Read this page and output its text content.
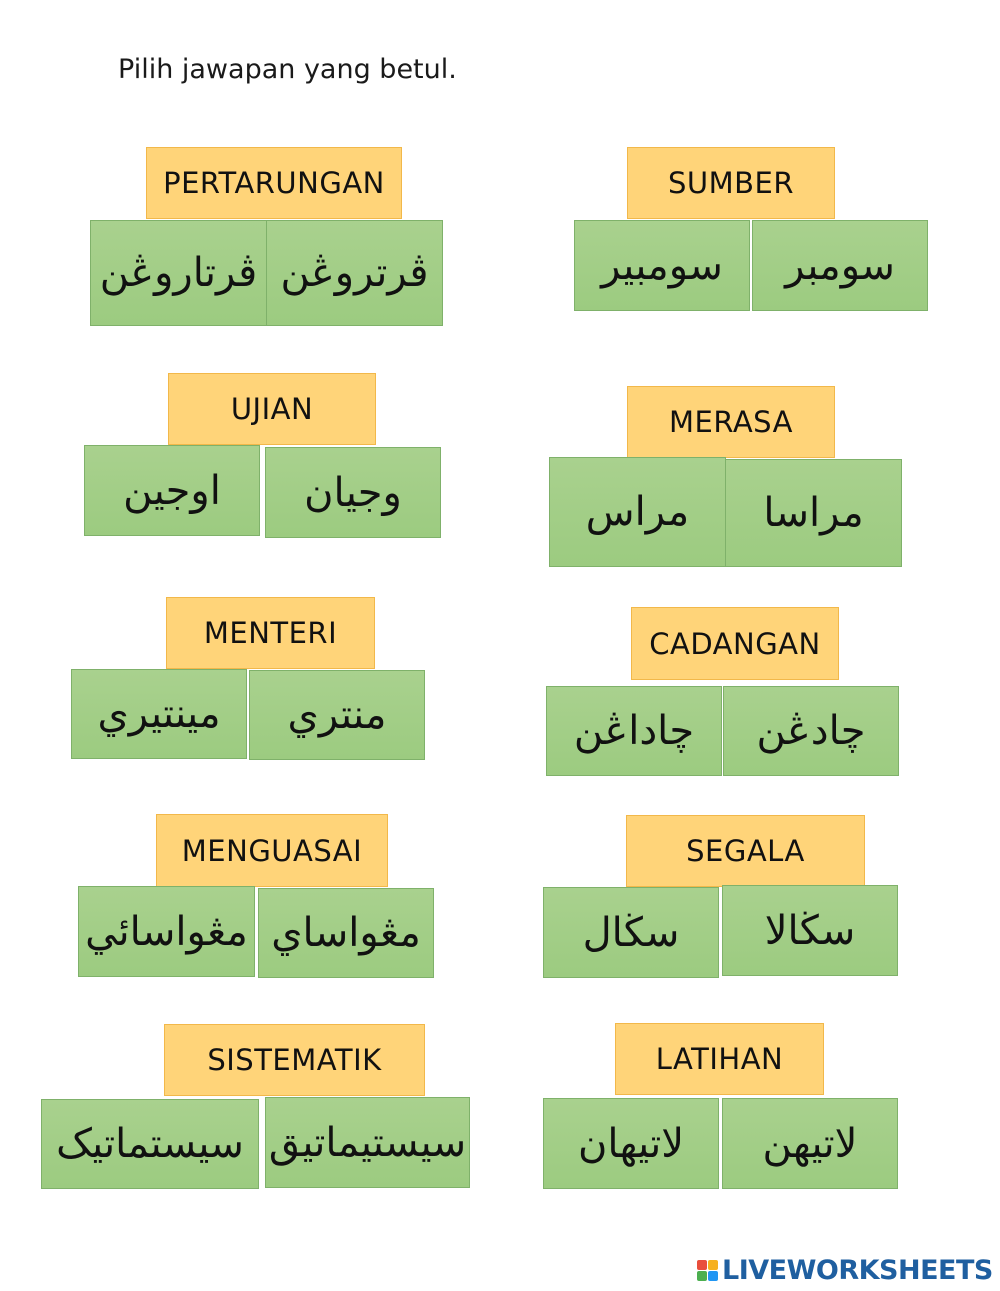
Pilih jawapan yang betul.
PERTARUNGAN
ڤرتاروڠن ڤرتروڠن
SUMBER
سومبير	سومبر
UJIAN
اوجين	وجيان
MERASA
مراس	مراسا
MENTERI
مينتيري	منتري
CADANGAN
چاداڠن	چادڠن
MENGUASAI
مڠواسائي مڠواساي
SEGALA
سڬال	سڬالا
SISTEMATIK
سيستماتيک سيستيماتيق
LATIHAN
لاتيهان	لاتيهن
LIVEWORKSHEETS
